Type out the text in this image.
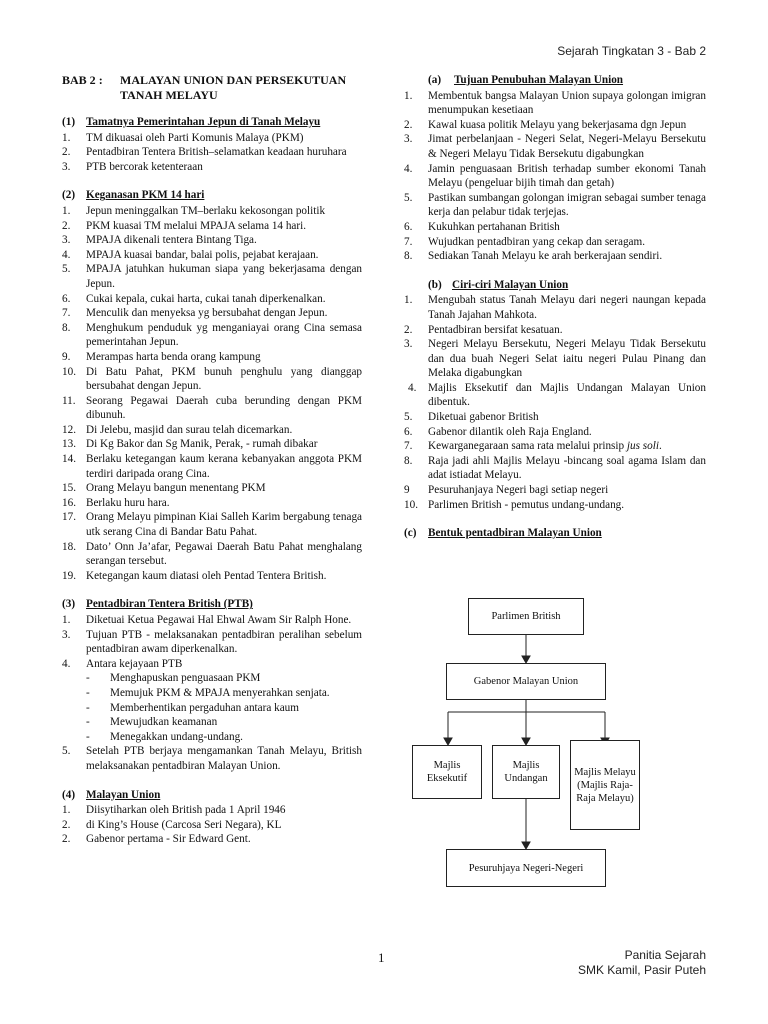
Sejarah Tingkatan 3 - Bab 2
BAB 2 :	MALAYAN UNION DAN PERSEKUTUAN TANAH MELAYU
(1) Tamatnya Pemerintahan Jepun di Tanah Melayu
1.	TM dikuasai oleh Parti Komunis Malaya (PKM)
2.	Pentadbiran Tentera British–selamatkan keadaan huruhara
3.	PTB bercorak ketenteraan
(2) Keganasan PKM 14 hari
1.	Jepun meninggalkan TM–berlaku kekosongan politik
2.	PKM kuasai TM melalui MPAJA selama 14 hari.
3.	MPAJA dikenali tentera Bintang Tiga.
4.	MPAJA kuasai bandar, balai polis, pejabat kerajaan.
5.	MPAJA jatuhkan hukuman siapa yang bekerjasama dengan Jepun.
6.	Cukai kepala, cukai harta, cukai tanah diperkenalkan.
7.	Menculik dan menyeksa yg bersubahat dengan Jepun.
8.	Menghukum penduduk yg menganiayai orang Cina semasa pemerintahan Jepun.
9.	Merampas harta benda orang kampung
10. Di Batu Pahat, PKM bunuh penghulu yang dianggap bersubahat dengan Jepun.
11. Seorang Pegawai Daerah cuba berunding dengan PKM dibunuh.
12. Di Jelebu, masjid dan surau telah dicemarkan.
13. Di Kg Bakor dan Sg Manik, Perak, - rumah dibakar
14. Berlaku ketegangan kaum kerana kebanyakan anggota PKM terdiri daripada orang Cina.
15. Orang Melayu bangun menentang PKM
16. Berlaku huru hara.
17. Orang Melayu pimpinan Kiai Salleh Karim bergabung tenaga utk serang Cina di Bandar Batu Pahat.
18. Dato’ Onn Ja’afar, Pegawai Daerah Batu Pahat menghalang serangan tersebut.
19. Ketegangan kaum diatasi oleh Pentad Tentera British.
(3) Pentadbiran Tentera British (PTB)
1.	Diketuai Ketua Pegawai Hal Ehwal Awam Sir Ralph Hone.
3.	Tujuan PTB - melaksanakan pentadbiran peralihan sebelum pentadbiran awam diperkenalkan.
4.	Antara kejayaan PTB
-	Menghapuskan penguasaan PKM
-	Memujuk PKM & MPAJA menyerahkan senjata.
-	Memberhentikan pergaduhan antara kaum
-	Mewujudkan keamanan
-	Menegakkan undang-undang.
5.	Setelah PTB berjaya mengamankan Tanah Melayu, British melaksanakan pentadbiran Malayan Union.
(4) Malayan Union
1.	Diisytiharkan oleh British pada 1 April 1946
2.	di King’s House (Carcosa Seri Negara), KL
2.	Gabenor pertama - Sir Edward Gent.
(a)	Tujuan Penubuhan Malayan Union
1.	Membentuk bangsa Malayan Union supaya golongan imigran menumpukan kesetiaan
2.	Kawal kuasa politik Melayu yang bekerjasama dgn Jepun
3.	Jimat perbelanjaan - Negeri Selat, Negeri-Melayu Bersekutu & Negeri Melayu Tidak Bersekutu digabungkan
4.	Jamin penguasaan British terhadap sumber ekonomi Tanah Melayu (pengeluar bijih timah dan getah)
5.	Pastikan sumbangan golongan imigran sebagai sumber tenaga kerja dan pelabur tidak terjejas.
6.	Kukuhkan pertahanan British
7.	Wujudkan pentadbiran yang cekap dan seragam.
8.	Sediakan Tanah Melayu ke arah berkerajaan sendiri.
(b) Ciri-ciri Malayan Union
1.	Mengubah status Tanah Melayu dari negeri naungan kepada Tanah Jajahan Mahkota.
2.	Pentadbiran bersifat kesatuan.
3.	Negeri Melayu Bersekutu, Negeri Melayu Tidak Bersekutu dan dua buah Negeri Selat iaitu negeri Pulau Pinang dan Melaka digabungkan
4.	Majlis Eksekutif dan Majlis Undangan Malayan Union dibentuk.
5.	Diketuai gabenor British
6.	Gabenor dilantik oleh Raja England.
7.	Kewarganegaraan sama rata melalui prinsip jus soli.
8.	Raja jadi ahli Majlis Melayu -bincang soal agama Islam dan adat istiadat Melayu.
9	Pesuruhanjaya Negeri bagi setiap negeri
10. Parlimen British - pemutus undang-undang.
(c)	Bentuk pentadbiran Malayan Union
Parlimen British
Gabenor Malayan Union
Majlis Eksekutif
Majlis Undangan
Majlis Melayu (Majlis Raja-Raja Melayu)
Pesuruhjaya Negeri-Negeri
1	Panitia Sejarah
SMK Kamil, Pasir Puteh
